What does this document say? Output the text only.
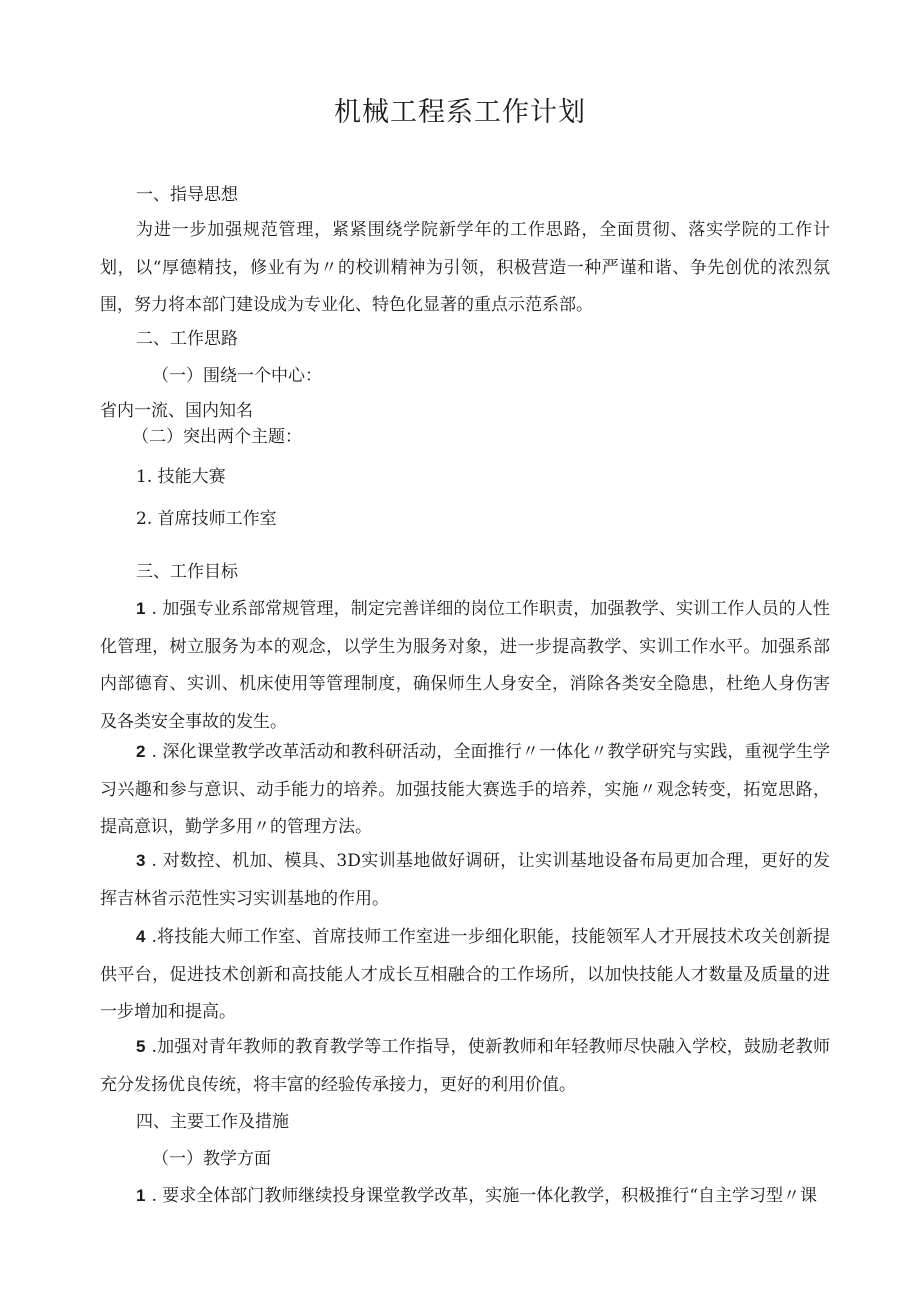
机械工程系工作计划
一、指导思想

为进一步加强规范管理，紧紧围绕学院新学年的工作思路，全面贯彻、落实学院的工作计划，以“厚德精技，修业有为〃的校训精神为引领，积极营造一种严谨和谐、争先创优的浓烈氛围，努力将本部门建设成为专业化、特色化显著的重点示范系部。

二、工作思路
（一）围绕一个中心：
省内一流、国内知名
（二）突出两个主题：
1. 技能大赛
2. 首席技师工作室
三、工作目标

1 . 加强专业系部常规管理，制定完善详细的岗位工作职责，加强教学、实训工作人员的人性化管理，树立服务为本的观念，以学生为服务对象，进一步提高教学、实训工作水平。加强系部内部德育、实训、机床使用等管理制度，确保师生人身安全，消除各类安全隐患，杜绝人身伤害及各类安全事故的发生。

2 . 深化课堂教学改革活动和教科研活动，全面推行〃一体化〃教学研究与实践，重视学生学习兴趣和参与意识、动手能力的培养。加强技能大赛选手的培养，实施〃观念转变，拓宽思路，提高意识，勤学多用〃的管理方法。

3 . 对数控、机加、模具、3D实训基地做好调研，让实训基地设备布局更加合理，更好的发挥吉林省示范性实习实训基地的作用。

4 .将技能大师工作室、首席技师工作室进一步细化职能，技能领军人才开展技术攻关创新提供平台，促进技术创新和高技能人才成长互相融合的工作场所，以加快技能人才数量及质量的进一步增加和提高。

5 .加强对青年教师的教育教学等工作指导，使新教师和年轻教师尽快融入学校，鼓励老教师充分发扬优良传统，将丰富的经验传承接力，更好的利用价值。

四、主要工作及措施
（一）教学方面

1 . 要求全体部门教师继续投身课堂教学改革，实施一体化教学，积极推行“自主学习型〃课
